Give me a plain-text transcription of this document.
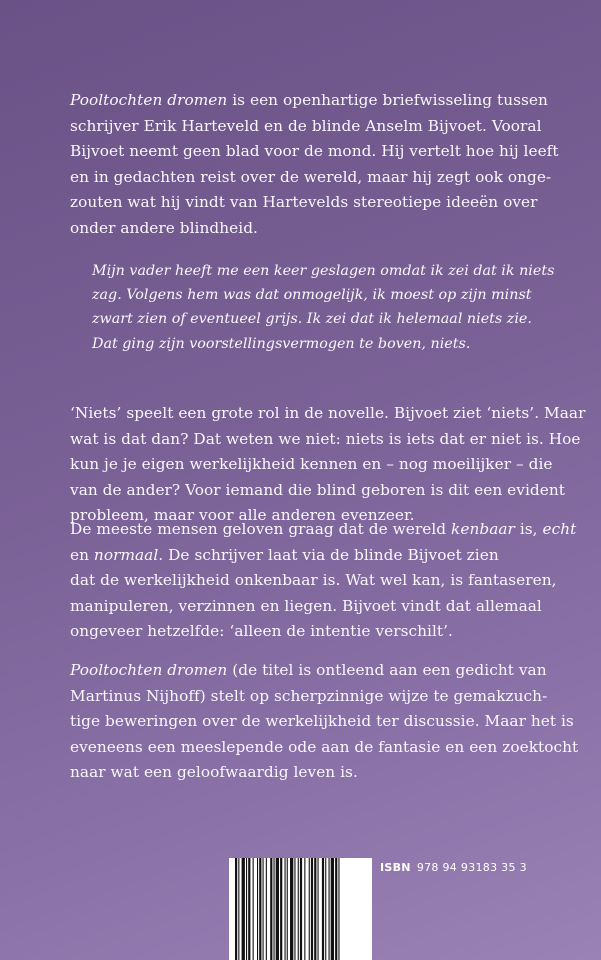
Pooltochten dromen is een openhartige briefwisseling tussen
schrijver Erik Harteveld en de blinde Anselm Bijvoet. Vooral
Bijvoet neemt geen blad voor de mond. Hij vertelt hoe hij leeft
en in gedachten reist over de wereld, maar hij zegt ook onge-
zouten wat hij vindt van Hartevelds stereotiepe ideeën over
onder andere blindheid.
Mijn vader heeft me een keer geslagen omdat ik zei dat ik niets
zag. Volgens hem was dat onmogelijk, ik moest op zijn minst
zwart zien of eventueel grijs. Ik zei dat ik helemaal niets zie.
Dat ging zijn voorstellingsvermogen te boven, niets.
‘Niets’ speelt een grote rol in de novelle. Bijvoet ziet ‘niets’. Maar
wat is dat dan? Dat weten we niet: niets is iets dat er niet is. Hoe
kun je je eigen werkelijkheid kennen en – nog moeilijker – die
van de ander? Voor iemand die blind geboren is dit een evident
probleem, maar voor alle anderen evenzeer.
De meeste mensen geloven graag dat de wereld kenbaar is, echt
en normaal. De schrijver laat via de blinde Bijvoet zien
dat de werkelijkheid onkenbaar is. Wat wel kan, is fantaseren,
manipuleren, verzinnen en liegen. Bijvoet vindt dat allemaal
ongeveer hetzelfde: ‘alleen de intentie verschilt’.
Pooltochten dromen (de titel is ontleend aan een gedicht van
Martinus Nijhoff) stelt op scherpzinnige wijze te gemakzuch-
tige beweringen over de werkelijkheid ter discussie. Maar het is
eveneens een meeslepende ode aan de fantasie en een zoektocht
naar wat een geloofwaardig leven is.
ISBN 978 94 93183 35 3
